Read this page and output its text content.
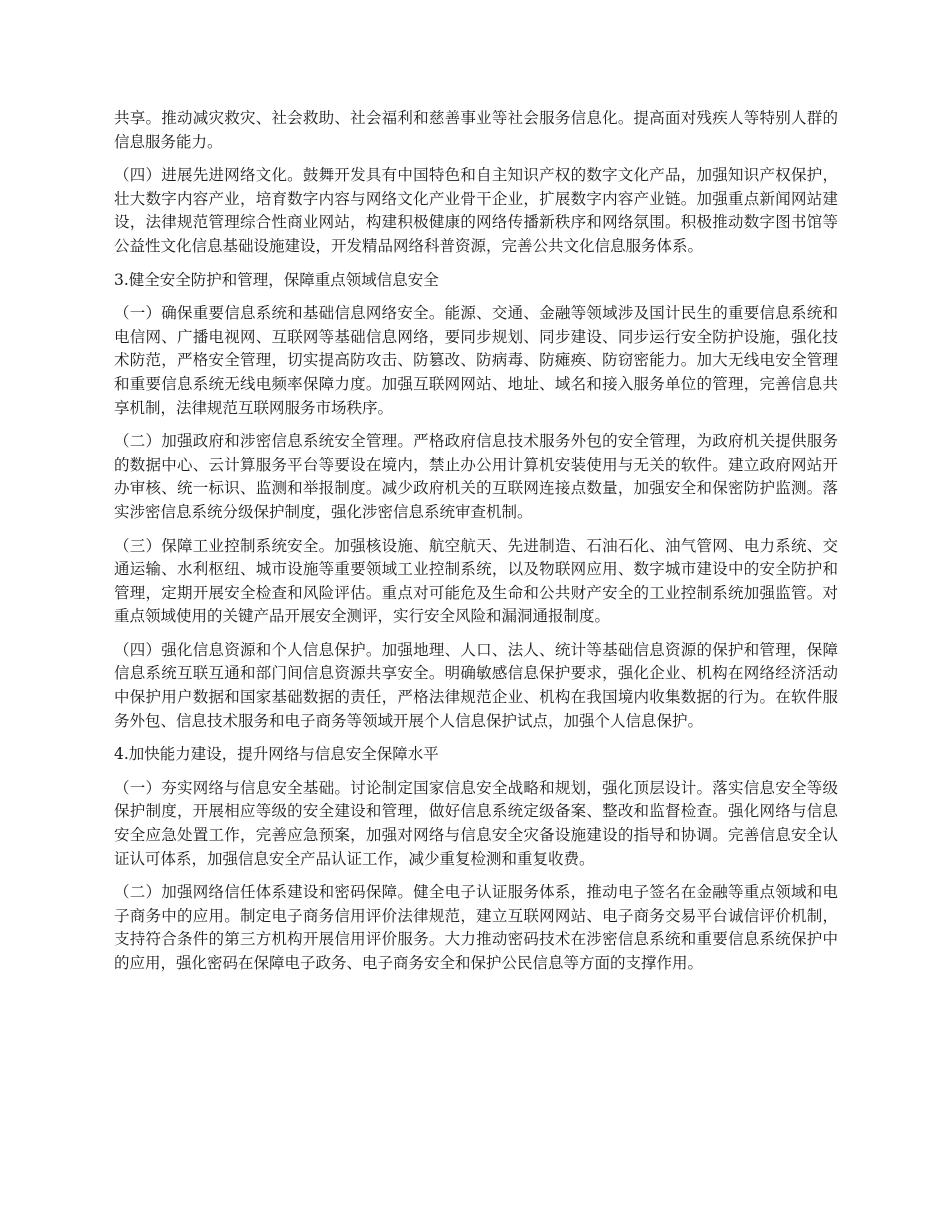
共享。推动减灾救灾、社会救助、社会福利和慈善事业等社会服务信息化。提高面对残疾人等特别人群的信息服务能力。

（四）进展先进网络文化。鼓舞开发具有中国特色和自主知识产权的数字文化产品，加强知识产权保护，壮大数字内容产业，培育数字内容与网络文化产业骨干企业，扩展数字内容产业链。加强重点新闻网站建设，法律规范管理综合性商业网站，构建积极健康的网络传播新秩序和网络氛围。积极推动数字图书馆等公益性文化信息基础设施建设，开发精品网络科普资源，完善公共文化信息服务体系。

3.健全安全防护和管理，保障重点领域信息安全

（一）确保重要信息系统和基础信息网络安全。能源、交通、金融等领域涉及国计民生的重要信息系统和电信网、广播电视网、互联网等基础信息网络，要同步规划、同步建设、同步运行安全防护设施，强化技术防范，严格安全管理，切实提高防攻击、防篡改、防病毒、防瘫痪、防窃密能力。加大无线电安全管理和重要信息系统无线电频率保障力度。加强互联网网站、地址、域名和接入服务单位的管理，完善信息共享机制，法律规范互联网服务市场秩序。

（二）加强政府和涉密信息系统安全管理。严格政府信息技术服务外包的安全管理，为政府机关提供服务的数据中心、云计算服务平台等要设在境内，禁止办公用计算机安装使用与无关的软件。建立政府网站开办审核、统一标识、监测和举报制度。减少政府机关的互联网连接点数量，加强安全和保密防护监测。落实涉密信息系统分级保护制度，强化涉密信息系统审查机制。

（三）保障工业控制系统安全。加强核设施、航空航天、先进制造、石油石化、油气管网、电力系统、交通运输、水利枢纽、城市设施等重要领域工业控制系统，以及物联网应用、数字城市建设中的安全防护和管理，定期开展安全检查和风险评估。重点对可能危及生命和公共财产安全的工业控制系统加强监管。对重点领域使用的关键产品开展安全测评，实行安全风险和漏洞通报制度。

（四）强化信息资源和个人信息保护。加强地理、人口、法人、统计等基础信息资源的保护和管理，保障信息系统互联互通和部门间信息资源共享安全。明确敏感信息保护要求，强化企业、机构在网络经济活动中保护用户数据和国家基础数据的责任，严格法律规范企业、机构在我国境内收集数据的行为。在软件服务外包、信息技术服务和电子商务等领域开展个人信息保护试点，加强个人信息保护。

4.加快能力建设，提升网络与信息安全保障水平

（一）夯实网络与信息安全基础。讨论制定国家信息安全战略和规划，强化顶层设计。落实信息安全等级保护制度，开展相应等级的安全建设和管理，做好信息系统定级备案、整改和监督检查。强化网络与信息安全应急处置工作，完善应急预案，加强对网络与信息安全灾备设施建设的指导和协调。完善信息安全认证认可体系，加强信息安全产品认证工作，减少重复检测和重复收费。

（二）加强网络信任体系建设和密码保障。健全电子认证服务体系，推动电子签名在金融等重点领域和电子商务中的应用。制定电子商务信用评价法律规范，建立互联网网站、电子商务交易平台诚信评价机制，支持符合条件的第三方机构开展信用评价服务。大力推动密码技术在涉密信息系统和重要信息系统保护中的应用，强化密码在保障电子政务、电子商务安全和保护公民信息等方面的支撑作用。
